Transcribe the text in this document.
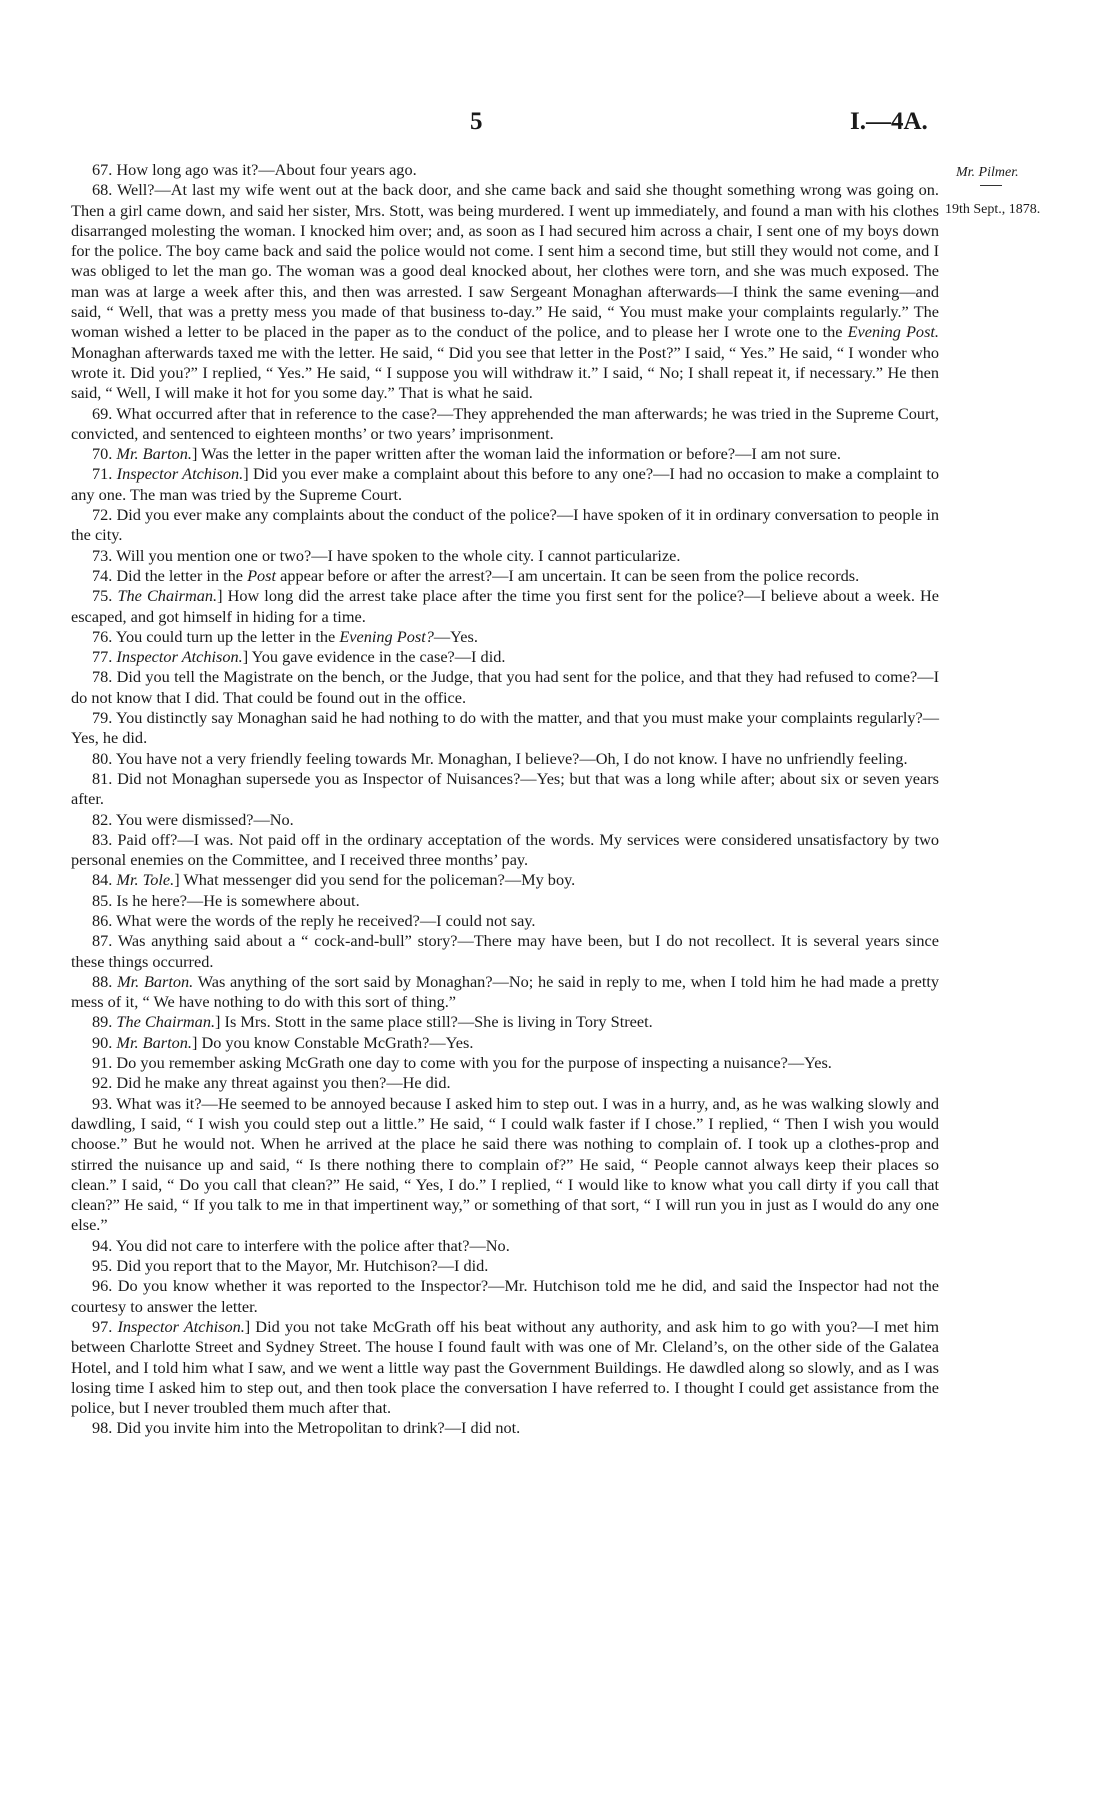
5	I.—4A.
Mr. Pilmer.
19th Sept., 1878.

67. How long ago was it?—About four years ago.

68. Well?—At last my wife went out at the back door, and she came back and said she thought something wrong was going on. Then a girl came down, and said her sister, Mrs. Stott, was being murdered. I went up immediately, and found a man with his clothes disarranged molesting the woman. I knocked him over; and, as soon as I had secured him across a chair, I sent one of my boys down for the police. The boy came back and said the police would not come. I sent him a second time, but still they would not come, and I was obliged to let the man go. The woman was a good deal knocked about, her clothes were torn, and she was much exposed. The man was at large a week after this, and then was arrested. I saw Sergeant Monaghan afterwards—I think the same evening—and said, “ Well, that was a pretty mess you made of that business to-day.” He said, “ You must make your complaints regularly.” The woman wished a letter to be placed in the paper as to the conduct of the police, and to please her I wrote one to the Evening Post. Monaghan afterwards taxed me with the letter. He said, “ Did you see that letter in the Post?” I said, “ Yes.” He said, “ I wonder who wrote it. Did you?” I replied, “ Yes.” He said, “ I suppose you will withdraw it.” I said, “ No; I shall repeat it, if necessary.” He then said, “ Well, I will make it hot for you some day.” That is what he said.

69. What occurred after that in reference to the case?—They apprehended the man afterwards; he was tried in the Supreme Court, convicted, and sentenced to eighteen months’ or two years’ imprisonment.

70. Mr. Barton.] Was the letter in the paper written after the woman laid the information or before?—I am not sure.

71. Inspector Atchison.] Did you ever make a complaint about this before to any one?—I had no occasion to make a complaint to any one. The man was tried by the Supreme Court.

72. Did you ever make any complaints about the conduct of the police?—I have spoken of it in ordinary conversation to people in the city.

73. Will you mention one or two?—I have spoken to the whole city. I cannot particularize.

74. Did the letter in the Post appear before or after the arrest?—I am uncertain. It can be seen from the police records.

75. The Chairman.] How long did the arrest take place after the time you first sent for the police?—I believe about a week. He escaped, and got himself in hiding for a time.

76. You could turn up the letter in the Evening Post?—Yes.

77. Inspector Atchison.] You gave evidence in the case?—I did.

78. Did you tell the Magistrate on the bench, or the Judge, that you had sent for the police, and that they had refused to come?—I do not know that I did. That could be found out in the office.

79. You distinctly say Monaghan said he had nothing to do with the matter, and that you must make your complaints regularly?—Yes, he did.

80. You have not a very friendly feeling towards Mr. Monaghan, I believe?—Oh, I do not know. I have no unfriendly feeling.

81. Did not Monaghan supersede you as Inspector of Nuisances?—Yes; but that was a long while after; about six or seven years after.

82. You were dismissed?—No.

83. Paid off?—I was. Not paid off in the ordinary acceptation of the words. My services were considered unsatisfactory by two personal enemies on the Committee, and I received three months’ pay.

84. Mr. Tole.] What messenger did you send for the policeman?—My boy.

85. Is he here?—He is somewhere about.

86. What were the words of the reply he received?—I could not say.

87. Was anything said about a “ cock-and-bull” story?—There may have been, but I do not recollect. It is several years since these things occurred.

88. Mr. Barton. Was anything of the sort said by Monaghan?—No; he said in reply to me, when I told him he had made a pretty mess of it, “ We have nothing to do with this sort of thing.”

89. The Chairman.] Is Mrs. Stott in the same place still?—She is living in Tory Street.

90. Mr. Barton.] Do you know Constable McGrath?—Yes.

91. Do you remember asking McGrath one day to come with you for the purpose of inspecting a nuisance?—Yes.

92. Did he make any threat against you then?—He did.

93. What was it?—He seemed to be annoyed because I asked him to step out. I was in a hurry, and, as he was walking slowly and dawdling, I said, “ I wish you could step out a little.” He said, “ I could walk faster if I chose.” I replied, “ Then I wish you would choose.” But he would not. When he arrived at the place he said there was nothing to complain of. I took up a clothes-prop and stirred the nuisance up and said, “ Is there nothing there to complain of?” He said, “ People cannot always keep their places so clean.” I said, “ Do you call that clean?” He said, “ Yes, I do.” I replied, “ I would like to know what you call dirty if you call that clean?” He said, “ If you talk to me in that impertinent way,” or something of that sort, “ I will run you in just as I would do any one else.”

94. You did not care to interfere with the police after that?—No.

95. Did you report that to the Mayor, Mr. Hutchison?—I did.

96. Do you know whether it was reported to the Inspector?—Mr. Hutchison told me he did, and said the Inspector had not the courtesy to answer the letter.

97. Inspector Atchison.] Did you not take McGrath off his beat without any authority, and ask him to go with you?—I met him between Charlotte Street and Sydney Street. The house I found fault with was one of Mr. Cleland’s, on the other side of the Galatea Hotel, and I told him what I saw, and we went a little way past the Government Buildings. He dawdled along so slowly, and as I was losing time I asked him to step out, and then took place the conversation I have referred to. I thought I could get assistance from the police, but I never troubled them much after that.

98. Did you invite him into the Metropolitan to drink?—I did not.
